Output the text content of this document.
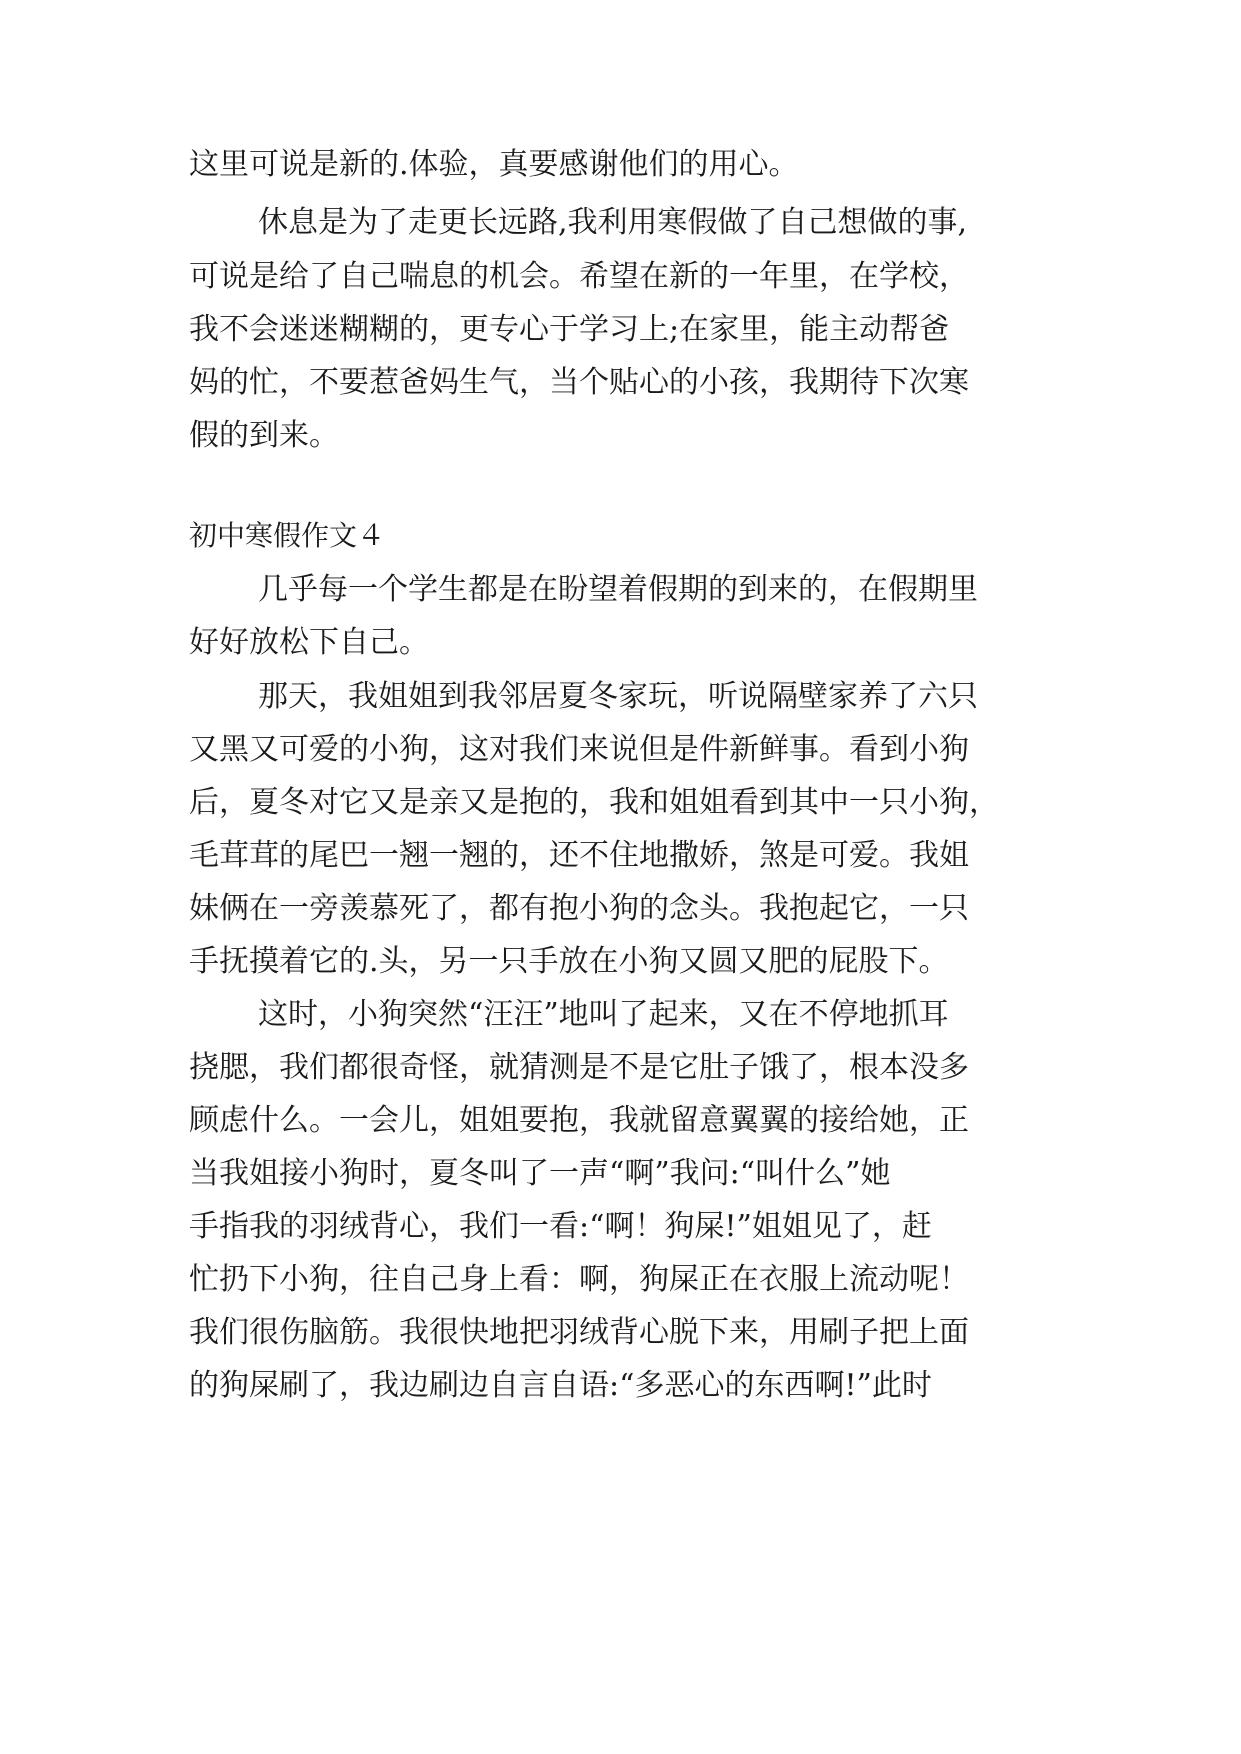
这里可说是新的.体验，真要感谢他们的用心。
休息是为了走更长远路,我利用寒假做了自己想做的事,
可说是给了自己喘息的机会。希望在新的一年里，在学校，
我不会迷迷糊糊的，更专心于学习上;在家里，能主动帮爸
妈的忙，不要惹爸妈生气，当个贴心的小孩，我期待下次寒
假的到来。
初中寒假作文４
几乎每一个学生都是在盼望着假期的到来的，在假期里
好好放松下自己。
那天，我姐姐到我邻居夏冬家玩，听说隔壁家养了六只
又黑又可爱的小狗，这对我们来说但是件新鲜事。看到小狗
后，夏冬对它又是亲又是抱的，我和姐姐看到其中一只小狗，
毛茸茸的尾巴一翘一翘的，还不住地撒娇，煞是可爱。我姐
妹俩在一旁羡慕死了，都有抱小狗的念头。我抱起它，一只
手抚摸着它的.头，另一只手放在小狗又圆又肥的屁股下。
这时，小狗突然“汪汪”地叫了起来，又在不停地抓耳
挠腮，我们都很奇怪，就猜测是不是它肚子饿了，根本没多
顾虑什么。一会儿，姐姐要抱，我就留意翼翼的接给她，正
当我姐接小狗时，夏冬叫了一声“啊”我问:“叫什么”她
手指我的羽绒背心，我们一看:“啊！狗屎!”姐姐见了，赶
忙扔下小狗，往自己身上看：啊，狗屎正在衣服上流动呢！
我们很伤脑筋。我很快地把羽绒背心脱下来，用刷子把上面
的狗屎刷了，我边刷边自言自语:“多恶心的东西啊!”此时
